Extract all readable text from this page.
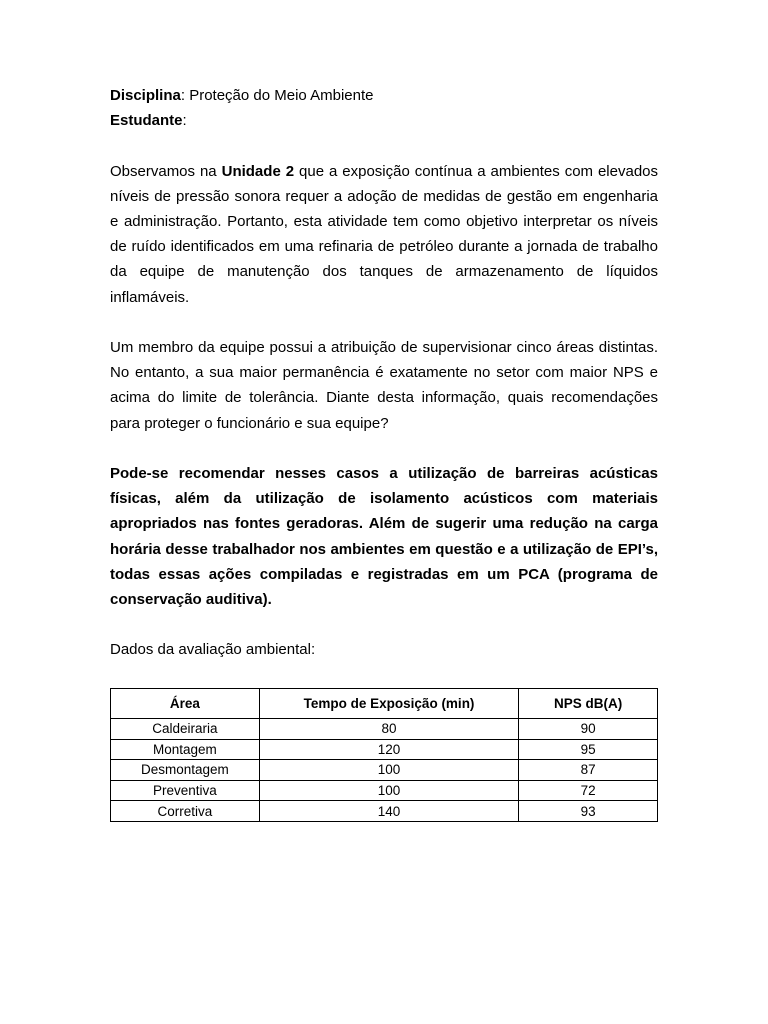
Disciplina: Proteção do Meio Ambiente

Estudante:

Observamos na Unidade 2 que a exposição contínua a ambientes com elevados níveis de pressão sonora requer a adoção de medidas de gestão em engenharia e administração. Portanto, esta atividade tem como objetivo interpretar os níveis de ruído identificados em uma refinaria de petróleo durante a jornada de trabalho da equipe de manutenção dos tanques de armazenamento de líquidos inflamáveis.

Um membro da equipe possui a atribuição de supervisionar cinco áreas distintas. No entanto, a sua maior permanência é exatamente no setor com maior NPS e acima do limite de tolerância. Diante desta informação, quais recomendações para proteger o funcionário e sua equipe?

Pode-se recomendar nesses casos a utilização de barreiras acústicas físicas, além da utilização de isolamento acústicos com materiais apropriados nas fontes geradoras. Além de sugerir uma redução na carga horária desse trabalhador nos ambientes em questão e a utilização de EPI’s, todas essas ações compiladas e registradas em um PCA (programa de conservação auditiva).

Dados da avaliação ambiental:

Área	Tempo de Exposição (min)	NPS dB(A)
Caldeiraria	80	90
Montagem	120	95
Desmontagem	100	87
Preventiva	100	72
Corretiva	140	93
